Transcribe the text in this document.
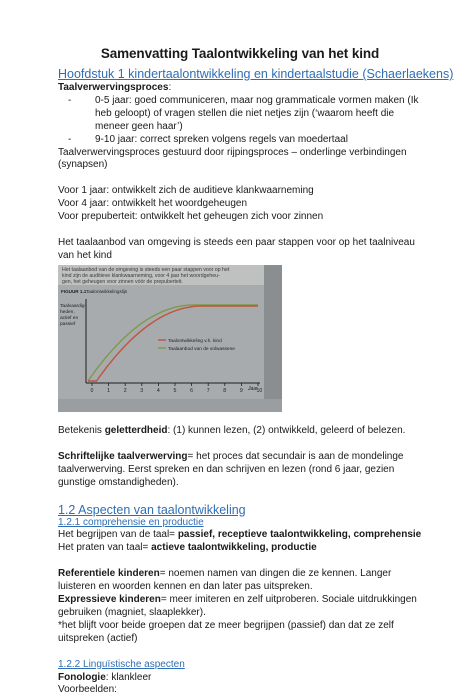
Samenvatting Taalontwikkeling van het kind
Hoofdstuk 1 kindertaalontwikkeling en kindertaalstudie (Schaerlaekens)

Taalverwervingsproces:

- 0-5 jaar: goed communiceren, maar nog grammaticale vormen maken (Ik heb geloopt) of vragen stellen die niet netjes zijn (‘waarom heeft die meneer geen haar’)
- 9-10 jaar: correct spreken volgens regels van moedertaal

Taalverwervingsproces gestuurd door rijpingsproces – onderlinge verbindingen (synapsen)

Voor 1 jaar: ontwikkelt zich de auditieve klankwaarneming

Voor 4 jaar: ontwikkelt het woordgeheugen

Voor prepuberteit: ontwikkelt het geheugen zich voor zinnen

Het taalaanbod van omgeving is steeds een paar stappen voor op het taalniveau van het kind

Het taalaanbod van de omgeving is steeds een paar stappen voor op het
kind zijn de auditieve klankwaarneming, voor 4 jaar het woordgeheu-
gen, het geheugen voor zinnen vóór de prepuberteit.
FIGUUR 1.1 Taalontwikkelingslijn
Taalvaardig-
heden,
actief en
passief
0	1	2	3	4	5	6	7	8	9	10
Jaar
Taalontwikkeling v.h. kind
Taalaanbod van de volwassene

Betekenis geletterdheid: (1) kunnen lezen, (2) ontwikkeld, geleerd of belezen.

Schriftelijke taalverwerving= het proces dat secundair is aan de mondelinge taalverwerving. Eerst spreken en dan schrijven en lezen (rond 6 jaar, gezien gunstige omstandigheden).

1.2 Aspecten van taalontwikkeling

1.2.1 comprehensie en productie

Het begrijpen van de taal= passief, receptieve taalontwikkeling, comprehensie

Het praten van taal= actieve taalontwikkeling, productie

Referentiele kinderen= noemen namen van dingen die ze kennen. Langer luisteren en woorden kennen en dan later pas uitspreken.

Expressieve kinderen= meer imiteren en zelf uitproberen. Sociale uitdrukkingen gebruiken (magniet, slaaplekker).

*het blijft voor beide groepen dat ze meer begrijpen (passief) dan dat ze zelf uitspreken (actief)

1.2.2 Linguïstische aspecten

Fonologie: klankleer

Voorbeelden:
